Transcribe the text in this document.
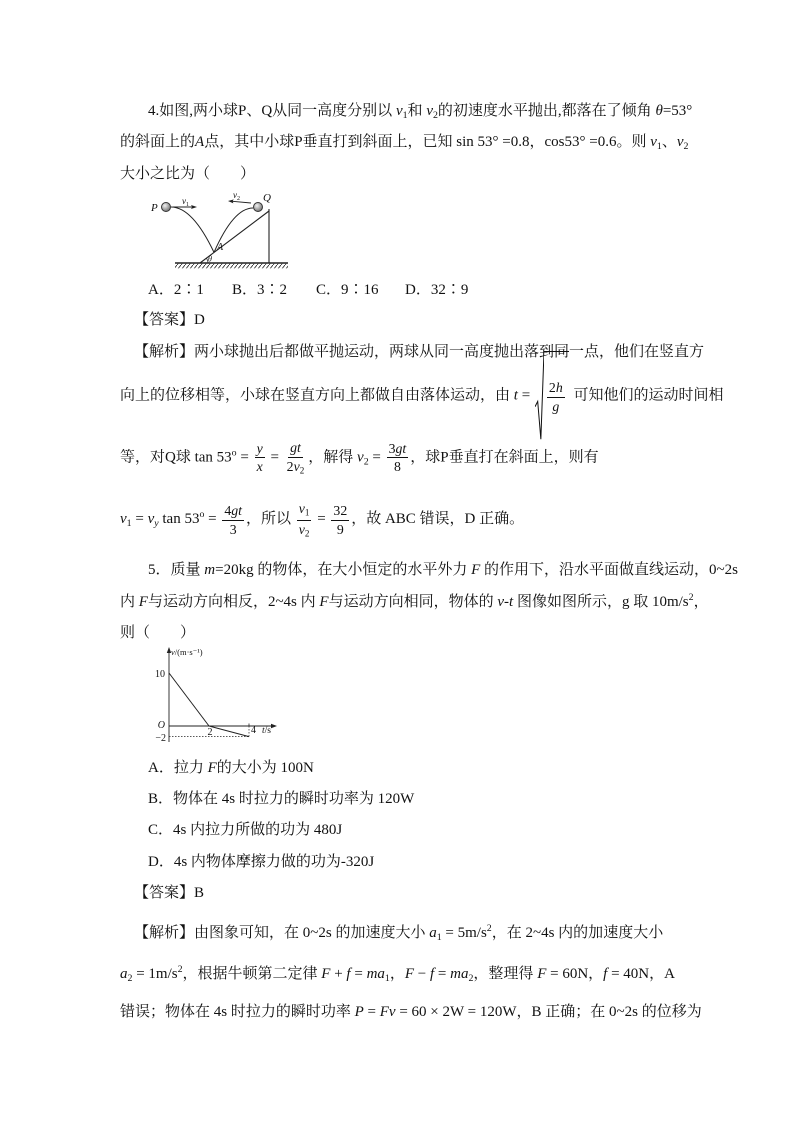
4.如图,两小球P、Q从同一高度分别以 v1和 v2的初速度水平抛出,都落在了倾角 θ=53°
的斜面上的A点，其中小球P垂直打到斜面上，已知 sin 53° =0.8，cos53° =0.6。则 v1、v2
大小之比为（　　）
P
Q
A
θ
$v_1$
$v_2$
A．2∶1 B．3∶2 C．9∶16 D．32∶9
【答案】D
【解析】两小球抛出后都做平抛运动，两球从同一高度抛出落到同一点，他们在竖直方
向上的位移相等，小球在竖直方向上都做自由落体运动，由 $t = \frac{2h}{g}$ 可知他们的运动时间相
等，对Q球 $\tan 53^o = \frac{y}{x} = \frac{gt}{2v2}$ ，解得 $v2 = \frac{3gt}{8}$ ，球P垂直打在斜面上，则有
v1 = vy $\tan 53^o = \frac{4gt}{3}$ ，所以 $\frac{v1}{v2} = \frac{32}{9}$ ，故 ABC 错误，D 正确。
5．质量 m=20kg 的物体，在大小恒定的水平外力 F 的作用下，沿水平面做直线运动，0~2s
内 F与运动方向相反，2~4s 内 F与运动方向相同，物体的 v-t 图像如图所示，g 取 $10m/s^2$，
则（　　）
v/(m·s⁻¹)
t/s
O
10
−2
2	4
A．拉力 F的大小为 100N
B．物体在 4s 时拉力的瞬时功率为 120W
C．4s 内拉力所做的功为 480J
D．4s 内物体摩擦力做的功为-320J
【答案】B
【解析】由图象可知，在 0~2s 的加速度大小 $a1 = 5m/s^2$，在 2~4s 内的加速度大小
$a2 = 1m/s^2$，根据牛顿第二定律 F + f = ma1，F − f = ma2，整理得 F = 60N，f = 40N，A
错误；物体在 4s 时拉力的瞬时功率 P = Fv = 60 × 2W = 120W，B 正确；在 0~2s 的位移为
